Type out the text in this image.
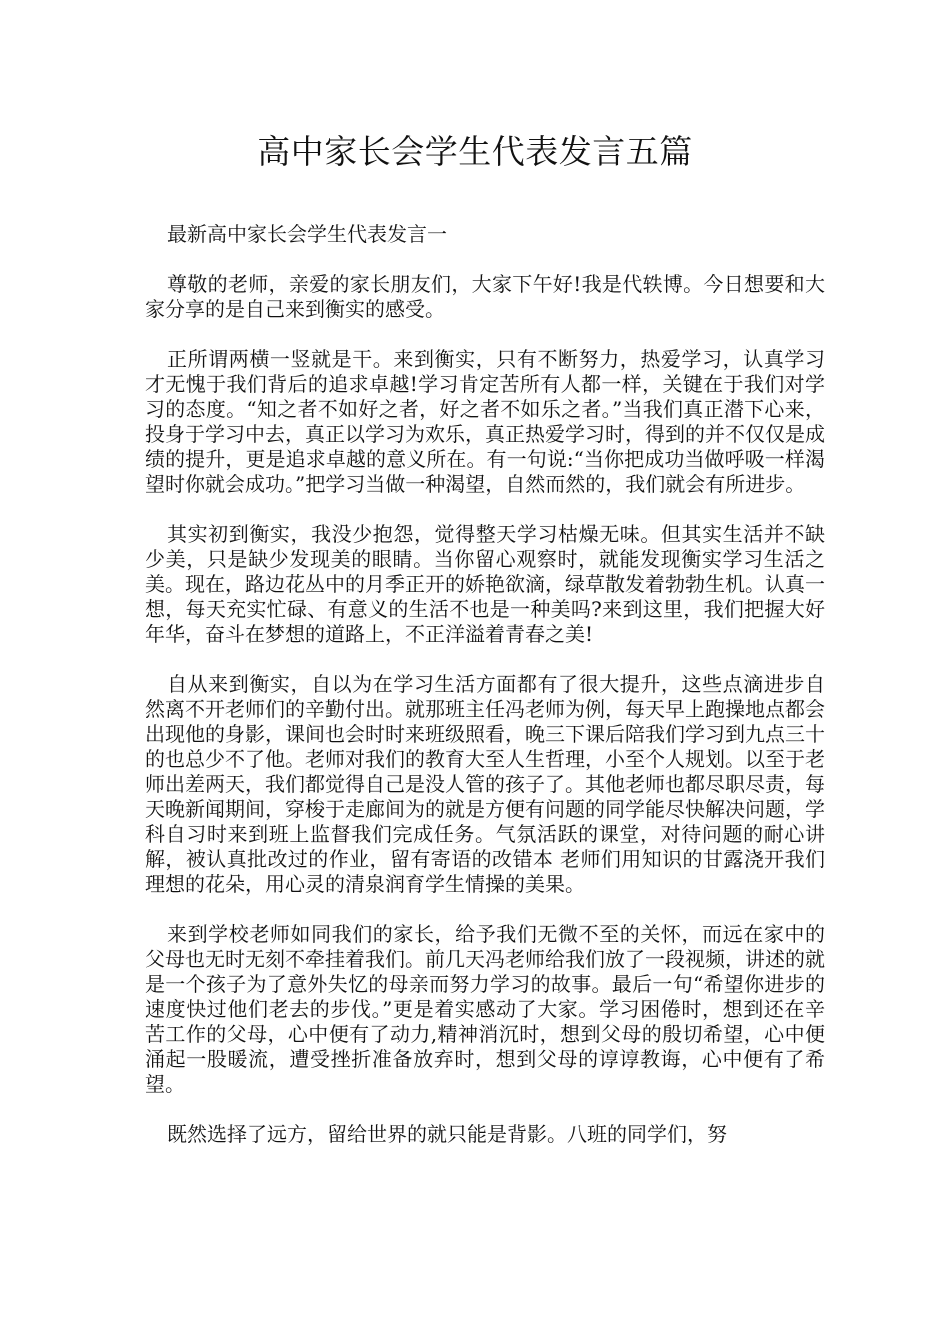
高中家长会学生代表发言五篇

最新高中家长会学生代表发言一

尊敬的老师，亲爱的家长朋友们，大家下午好!我是代轶博。今日想要和大家分享的是自己来到衡实的感受。

正所谓两横一竖就是干。来到衡实，只有不断努力，热爱学习，认真学习才无愧于我们背后的追求卓越!学习肯定苦所有人都一样，关键在于我们对学习的态度。“知之者不如好之者，好之者不如乐之者。”当我们真正潜下心来，投身于学习中去，真正以学习为欢乐，真正热爱学习时，得到的并不仅仅是成绩的提升，更是追求卓越的意义所在。有一句说:“当你把成功当做呼吸一样渴望时你就会成功。”把学习当做一种渴望，自然而然的，我们就会有所进步。

其实初到衡实，我没少抱怨，觉得整天学习枯燥无味。但其实生活并不缺少美，只是缺少发现美的眼睛。当你留心观察时，就能发现衡实学习生活之美。现在，路边花丛中的月季正开的娇艳欲滴，绿草散发着勃勃生机。认真一想，每天充实忙碌、有意义的生活不也是一种美吗?来到这里，我们把握大好年华，奋斗在梦想的道路上，不正洋溢着青春之美!

自从来到衡实，自以为在学习生活方面都有了很大提升，这些点滴进步自然离不开老师们的辛勤付出。就那班主任冯老师为例，每天早上跑操地点都会出现他的身影，课间也会时时来班级照看，晚三下课后陪我们学习到九点三十的也总少不了他。老师对我们的教育大至人生哲理，小至个人规划。以至于老师出差两天，我们都觉得自己是没人管的孩子了。其他老师也都尽职尽责，每天晚新闻期间，穿梭于走廊间为的就是方便有问题的同学能尽快解决问题，学科自习时来到班上监督我们完成任务。气氛活跃的课堂，对待问题的耐心讲解，被认真批改过的作业，留有寄语的改错本 老师们用知识的甘露浇开我们理想的花朵，用心灵的清泉润育学生情操的美果。

来到学校老师如同我们的家长，给予我们无微不至的关怀，而远在家中的父母也无时无刻不牵挂着我们。前几天冯老师给我们放了一段视频，讲述的就是一个孩子为了意外失忆的母亲而努力学习的故事。最后一句“希望你进步的速度快过他们老去的步伐。”更是着实感动了大家。学习困倦时，想到还在辛苦工作的父母，心中便有了动力,精神消沉时，想到父母的殷切希望，心中便涌起一股暖流，遭受挫折准备放弃时，想到父母的谆谆教诲，心中便有了希望。

既然选择了远方，留给世界的就只能是背影。八班的同学们，努
